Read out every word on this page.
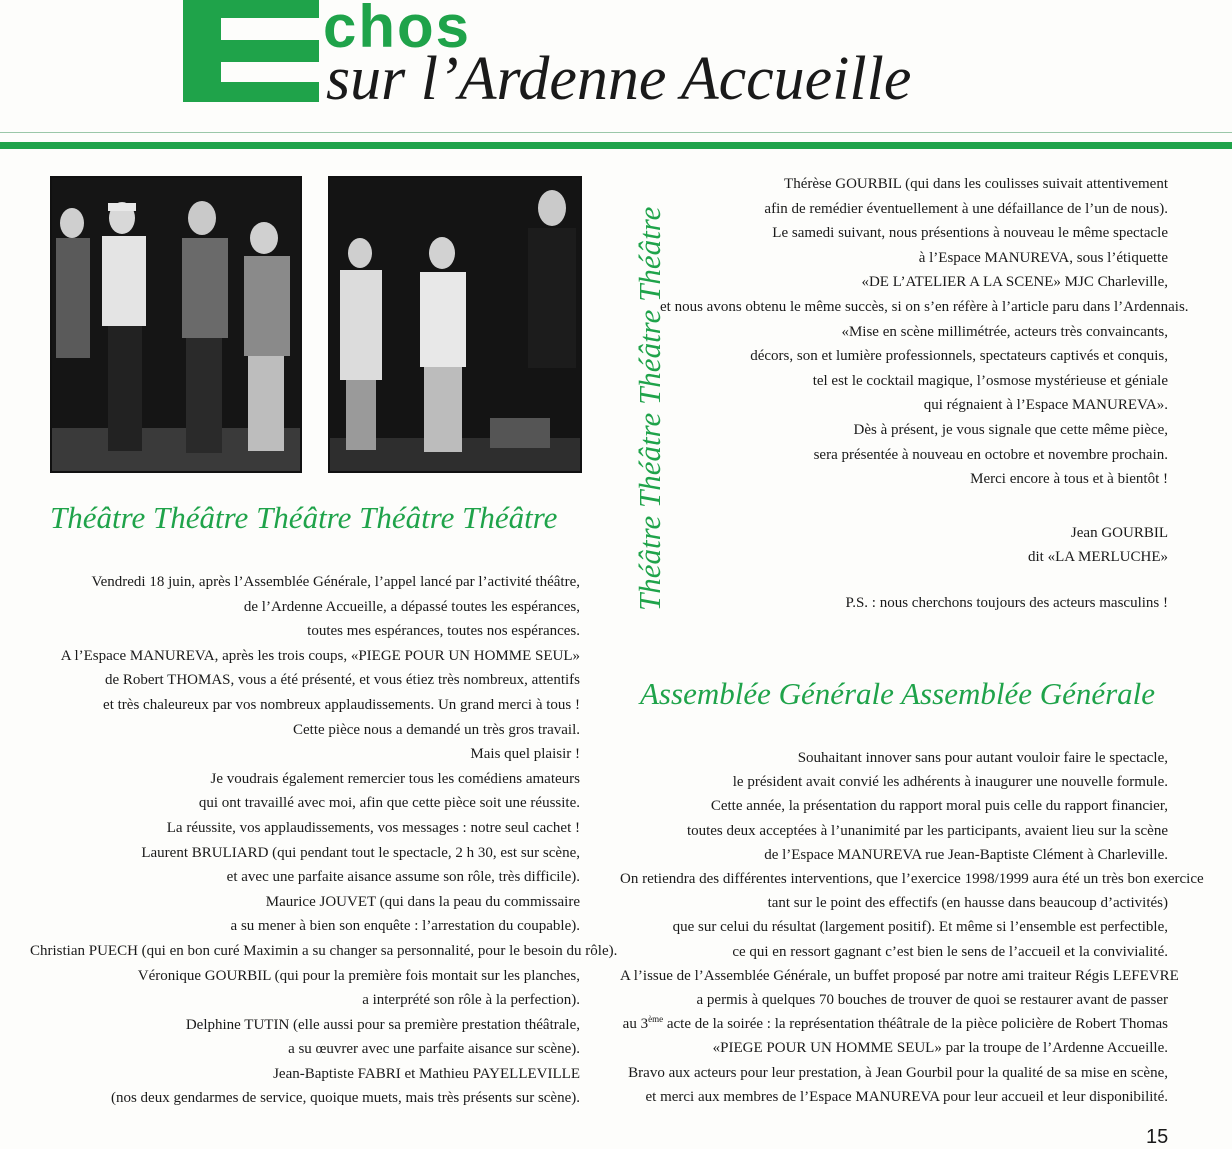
chos
sur l’Ardenne Accueille
Théâtre Théâtre Théâtre Théâtre Théâtre Théâtre Théâtre Théâtre Théâtre
Assemblée Générale Assemblée Générale
Vendredi 18 juin, après l’Assemblée Générale, l’appel lancé par l’activité théâtre,
de l’Ardenne Accueille, a dépassé toutes les espérances,
toutes mes espérances, toutes nos espérances.
A l’Espace MANUREVA, après les trois coups, «PIEGE POUR UN HOMME SEUL»
de Robert THOMAS, vous a été présenté, et vous étiez très nombreux, attentifs
et très chaleureux par vos nombreux applaudissements. Un grand merci à tous !
Cette pièce nous a demandé un très gros travail.
Mais quel plaisir !
Je voudrais également remercier tous les comédiens amateurs
qui ont travaillé avec moi, afin que cette pièce soit une réussite.
La réussite, vos applaudissements, vos messages : notre seul cachet !
Laurent BRULIARD (qui pendant tout le spectacle, 2 h 30, est sur scène,
et avec une parfaite aisance assume son rôle, très difficile).
Maurice JOUVET (qui dans la peau du commissaire
a su mener à bien son enquête : l’arrestation du coupable).
Christian PUECH (qui en bon curé Maximin a su changer sa personnalité, pour le besoin du rôle).
Véronique GOURBIL (qui pour la première fois montait sur les planches,
a interprété son rôle à la perfection).
Delphine TUTIN (elle aussi pour sa première prestation théâtrale,
a su œuvrer avec une parfaite aisance sur scène).
Jean-Baptiste FABRI et Mathieu PAYELLEVILLE
(nos deux gendarmes de service, quoique muets, mais très présents sur scène).
Thérèse GOURBIL (qui dans les coulisses suivait attentivement
afin de remédier éventuellement à une défaillance de l’un de nous).
Le samedi suivant, nous présentions à nouveau le même spectacle
à l’Espace MANUREVA, sous l’étiquette
«DE L’ATELIER A LA SCENE» MJC Charleville,
et nous avons obtenu le même succès, si on s’en réfère à l’article paru dans l’Ardennais.
«Mise en scène millimétrée, acteurs très convaincants,
décors, son et lumière professionnels, spectateurs captivés et conquis,
tel est le cocktail magique, l’osmose mystérieuse et géniale
qui régnaient à l’Espace MANUREVA».
Dès à présent, je vous signale que cette même pièce,
sera présentée à nouveau en octobre et novembre prochain.
Merci encore à tous et à bientôt !
Jean GOURBIL
dit «LA MERLUCHE»
P.S. : nous cherchons toujours des acteurs masculins !
Souhaitant innover sans pour autant vouloir faire le spectacle,
le président avait convié les adhérents à inaugurer une nouvelle formule.
Cette année, la présentation du rapport moral puis celle du rapport financier,
toutes deux acceptées à l’unanimité par les participants, avaient lieu sur la scène
de l’Espace MANUREVA rue Jean-Baptiste Clément à Charleville.
On retiendra des différentes interventions, que l’exercice 1998/1999 aura été un très bon exercice
tant sur le point des effectifs (en hausse dans beaucoup d’activités)
que sur celui du résultat (largement positif). Et même si l’ensemble est perfectible,
ce qui en ressort gagnant c’est bien le sens de l’accueil et la convivialité.
A l’issue de l’Assemblée Générale, un buffet proposé par notre ami traiteur Régis LEFEVRE
a permis à quelques 70 bouches de trouver de quoi se restaurer avant de passer
au 3ème acte de la soirée : la représentation théâtrale de la pièce policière de Robert Thomas
«PIEGE POUR UN HOMME SEUL» par la troupe de l’Ardenne Accueille.
Bravo aux acteurs pour leur prestation, à Jean Gourbil pour la qualité de sa mise en scène,
et merci aux membres de l’Espace MANUREVA pour leur accueil et leur disponibilité.
15
